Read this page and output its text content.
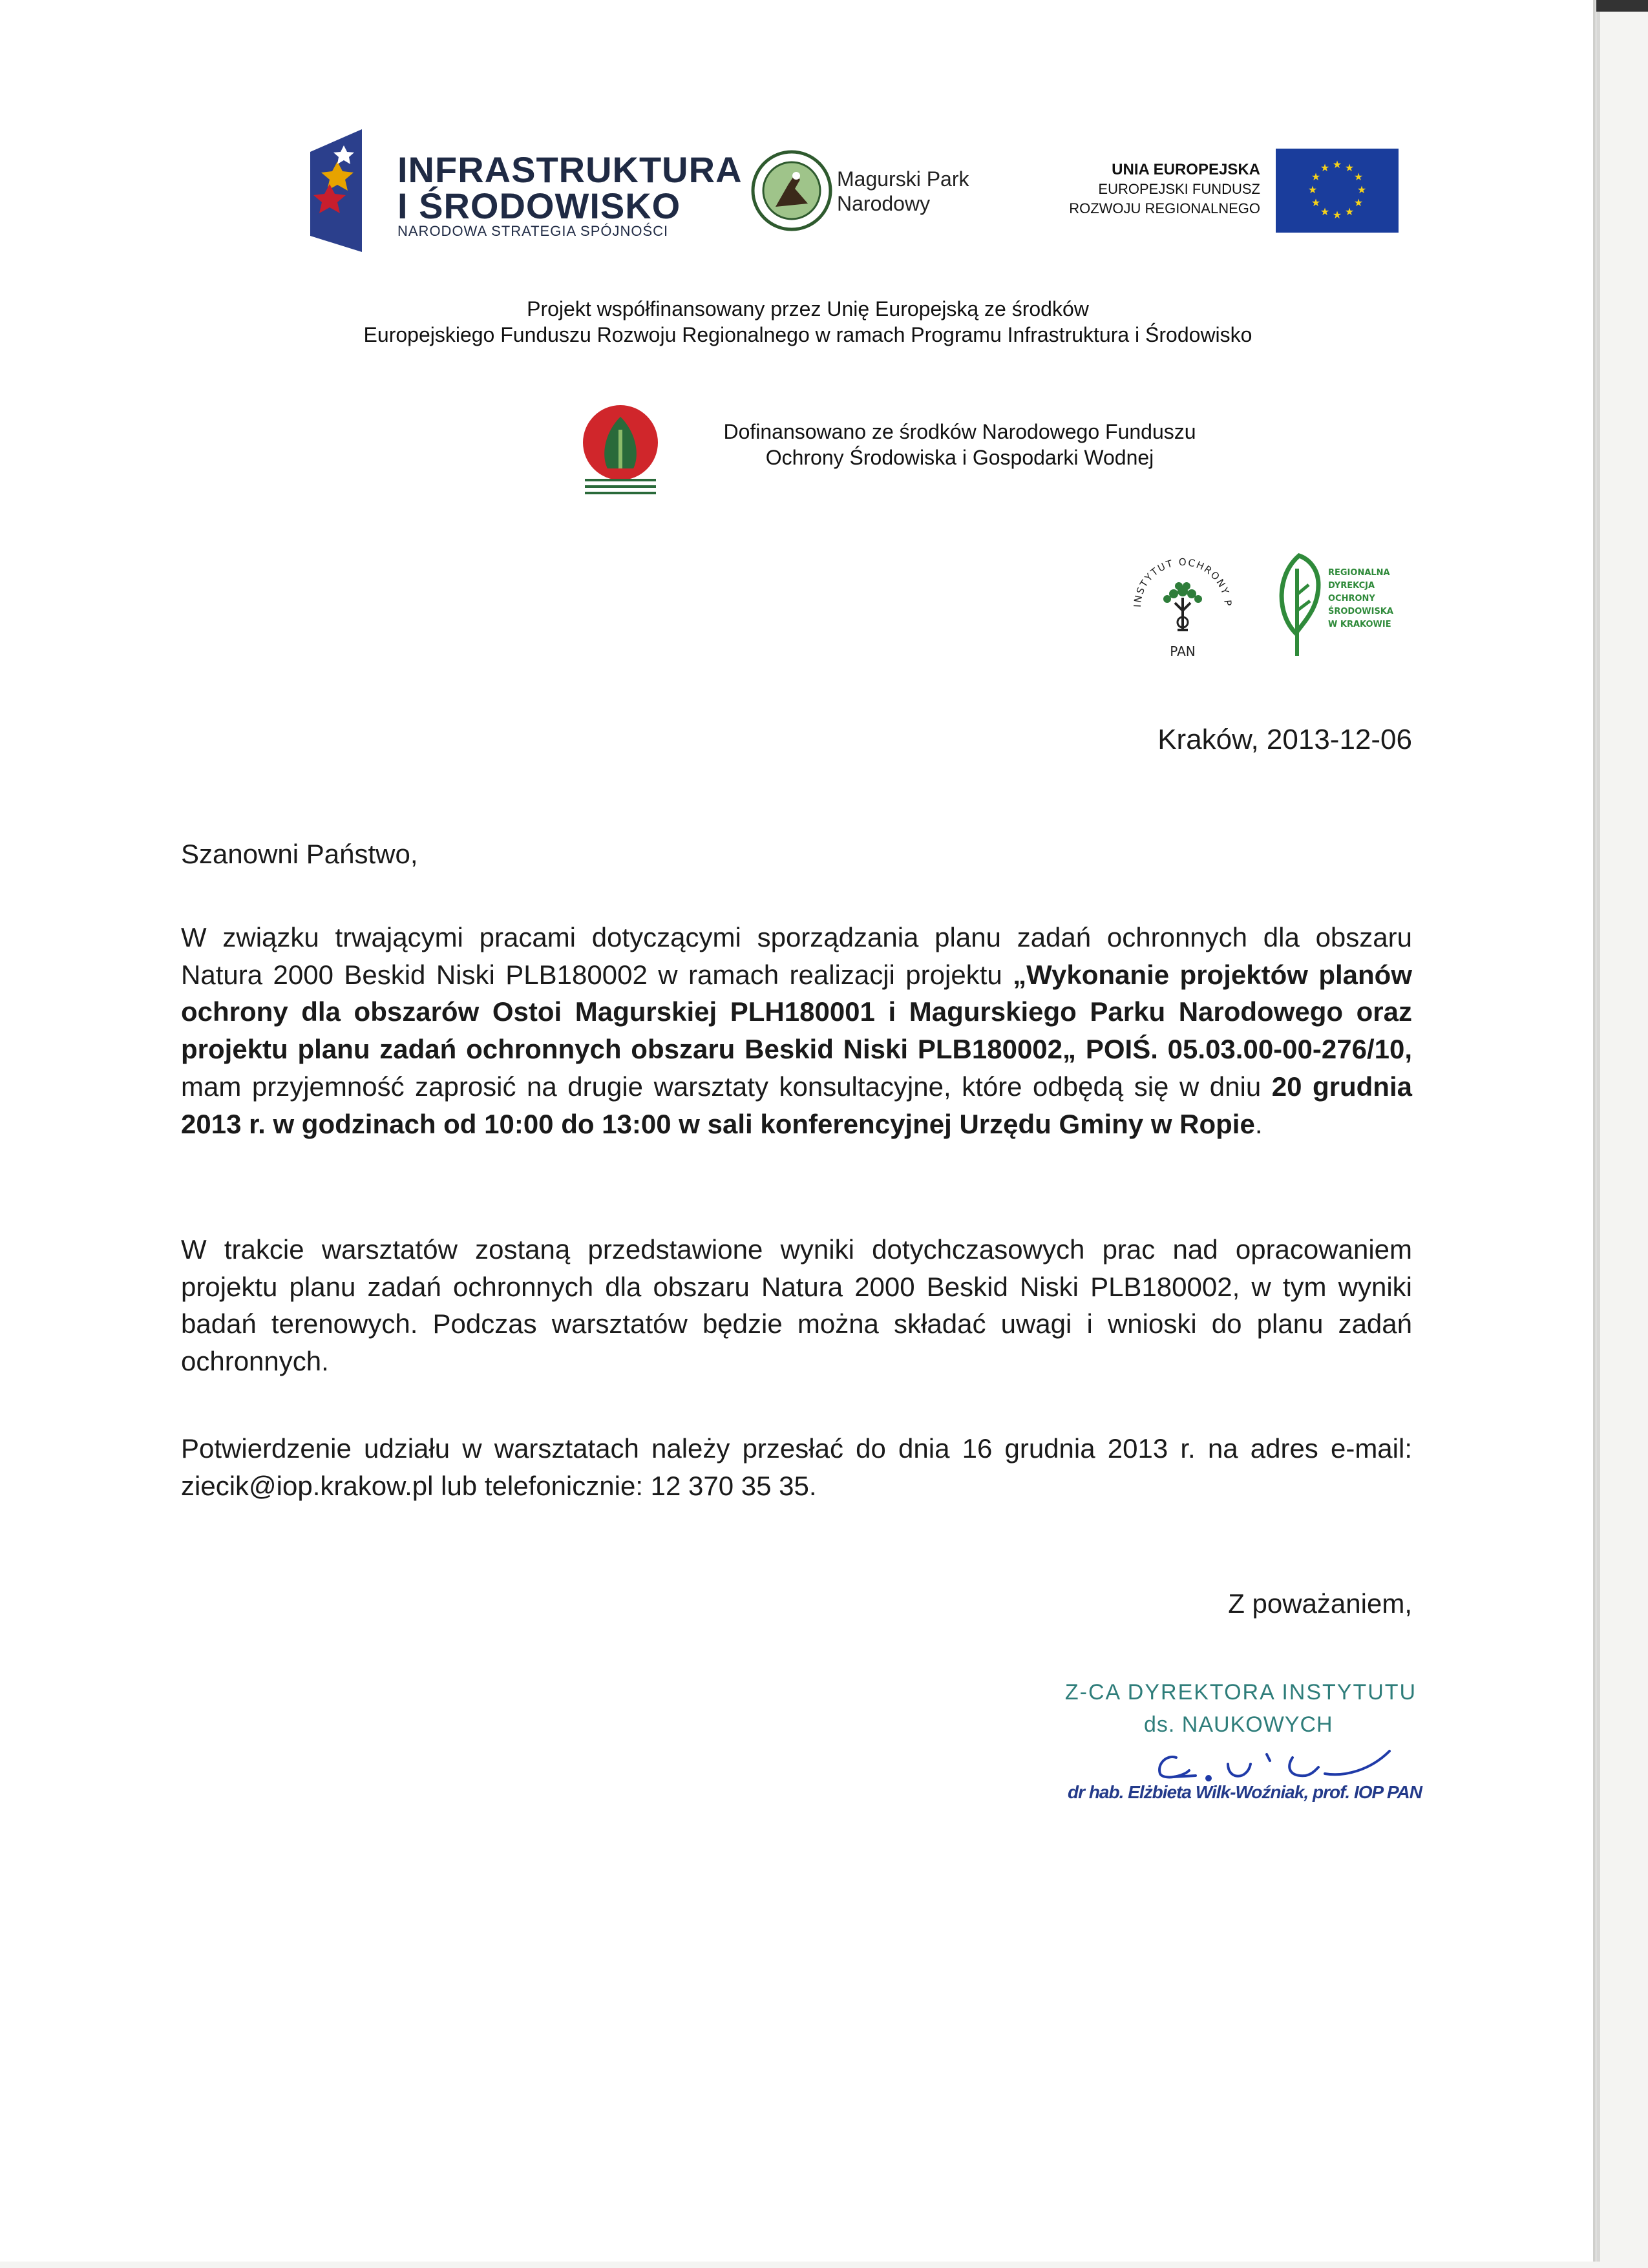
INFRASTRUKTURA
I ŚRODOWISKO
NARODOWA STRATEGIA SPÓJNOŚCI
Magurski Park
Narodowy
UNIA EUROPEJSKA
EUROPEJSKI FUNDUSZ
ROZWOJU REGIONALNEGO
★ ★
★
★
★
★
★
★
★
★
★
★
Projekt współfinansowany przez Unię Europejską ze środków
Europejskiego Funduszu Rozwoju Regionalnego w ramach Programu Infrastruktura i Środowisko
Dofinansowano ze środków Narodowego Funduszu
Ochrony Środowiska i Gospodarki Wodnej
INSTYTUT OCHRONY P
PAN
REGIONALNA
DYREKCJA
OCHRONY
ŚRODOWISKA
W KRAKOWIE
Kraków, 2013-12-06
Szanowni Państwo,
W związku trwającymi pracami dotyczącymi sporządzania planu zadań ochronnych dla obszaru Natura 2000 Beskid Niski PLB180002 w ramach realizacji projektu „Wykonanie projektów planów ochrony dla obszarów Ostoi Magurskiej PLH180001 i Magurskiego Parku Narodowego oraz projektu planu zadań ochronnych obszaru Beskid Niski PLB180002„ POIŚ. 05.03.00-00-276/10, mam przyjemność zaprosić na drugie warsztaty konsultacyjne, które odbędą się w dniu 20 grudnia 2013 r. w godzinach od 10:00 do 13:00 w sali konferencyjnej Urzędu Gminy w Ropie.
W trakcie warsztatów zostaną przedstawione wyniki dotychczasowych prac nad opracowaniem projektu planu zadań ochronnych dla obszaru Natura 2000 Beskid Niski PLB180002, w tym wyniki badań terenowych. Podczas warsztatów będzie można składać uwagi i wnioski do planu zadań ochronnych.
Potwierdzenie udziału w warsztatach należy przesłać do dnia 16 grudnia 2013 r. na adres e-mail: ziecik@iop.krakow.pl lub telefonicznie: 12 370 35 35.
Z poważaniem,
Z-CA DYREKTORA INSTYTUTU
ds. NAUKOWYCH
dr hab. Elżbieta Wilk-Woźniak, prof. IOP PAN
